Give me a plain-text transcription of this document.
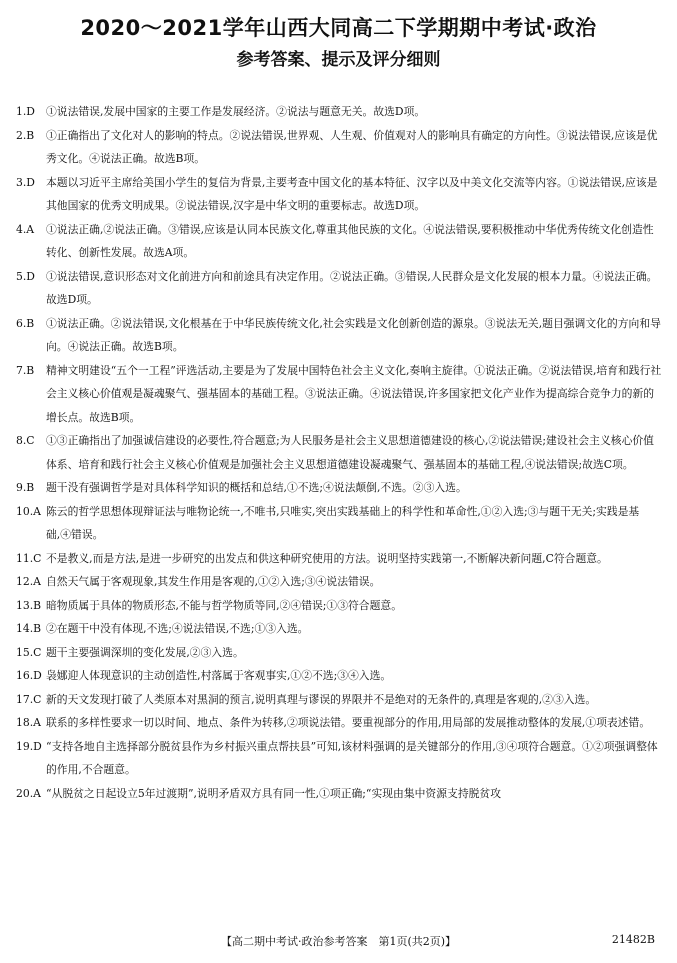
2020～2021学年山西大同高二下学期期中考试·政治
参考答案、提示及评分细则
1.D	①说法错误,发展中国家的主要工作是发展经济。②说法与题意无关。故选D项。
2.B	①正确指出了文化对人的影响的特点。②说法错误,世界观、人生观、价值观对人的影响具有确定的方向性。③说法错误,应该是优秀文化。④说法正确。故选B项。
3.D	本题以习近平主席给美国小学生的复信为背景,主要考查中国文化的基本特征、汉字以及中美文化交流等内容。①说法错误,应该是其他国家的优秀文明成果。②说法错误,汉字是中华文明的重要标志。故选D项。
4.A	①说法正确,②说法正确。③错误,应该是认同本民族文化,尊重其他民族的文化。④说法错误,要积极推动中华优秀传统文化创造性转化、创新性发展。故选A项。
5.D	①说法错误,意识形态对文化前进方向和前途具有决定作用。②说法正确。③错误,人民群众是文化发展的根本力量。④说法正确。故选D项。
6.B	①说法正确。②说法错误,文化根基在于中华民族传统文化,社会实践是文化创新创造的源泉。③说法无关,题目强调文化的方向和导向。④说法正确。故选B项。
7.B	精神文明建设“五个一工程”评选活动,主要是为了发展中国特色社会主义文化,奏响主旋律。①说法正确。②说法错误,培育和践行社会主义核心价值观是凝魂聚气、强基固本的基础工程。③说法正确。④说法错误,许多国家把文化产业作为提高综合竞争力的新的增长点。故选B项。
8.C	①③正确指出了加强诚信建设的必要性,符合题意;为人民服务是社会主义思想道德建设的核心,②说法错误;建设社会主义核心价值体系、培育和践行社会主义核心价值观是加强社会主义思想道德建设凝魂聚气、强基固本的基础工程,④说法错误;故选C项。
9.B	题干没有强调哲学是对具体科学知识的概括和总结,①不选;④说法颠倒,不选。②③入选。
10.A 陈云的哲学思想体现辩证法与唯物论统一,不唯书,只唯实,突出实践基础上的科学性和革命性,①②入选;③与题干无关;实践是基础,④错误。
11.C 不是教义,而是方法,是进一步研究的出发点和供这种研究使用的方法。说明坚持实践第一,不断解决新问题,C符合题意。
12.A 自然天气属于客观现象,其发生作用是客观的,①②入选;③④说法错误。
13.B 暗物质属于具体的物质形态,不能与哲学物质等同,②④错误;①③符合题意。
14.B ②在题干中没有体现,不选;④说法错误,不选;①③入选。
15.C 题干主要强调深圳的变化发展,②③入选。
16.D 袅娜迎人体现意识的主动创造性,村落属于客观事实,①②不选;③④入选。
17.C 新的天文发现打破了人类原本对黑洞的预言,说明真理与谬误的界限并不是绝对的无条件的,真理是客观的,②③入选。
18.A 联系的多样性要求一切以时间、地点、条件为转移,②项说法错。要重视部分的作用,用局部的发展推动整体的发展,①项表述错。
19.D “支持各地自主选择部分脱贫县作为乡村振兴重点帮扶县”可知,该材料强调的是关键部分的作用,③④项符合题意。①②项强调整体的作用,不合题意。
20.A “从脱贫之日起设立5年过渡期”,说明矛盾双方具有同一性,①项正确;“实现由集中资源支持脱贫攻
【高二期中考试·政治参考答案　第1页(共2页)】	21482B
